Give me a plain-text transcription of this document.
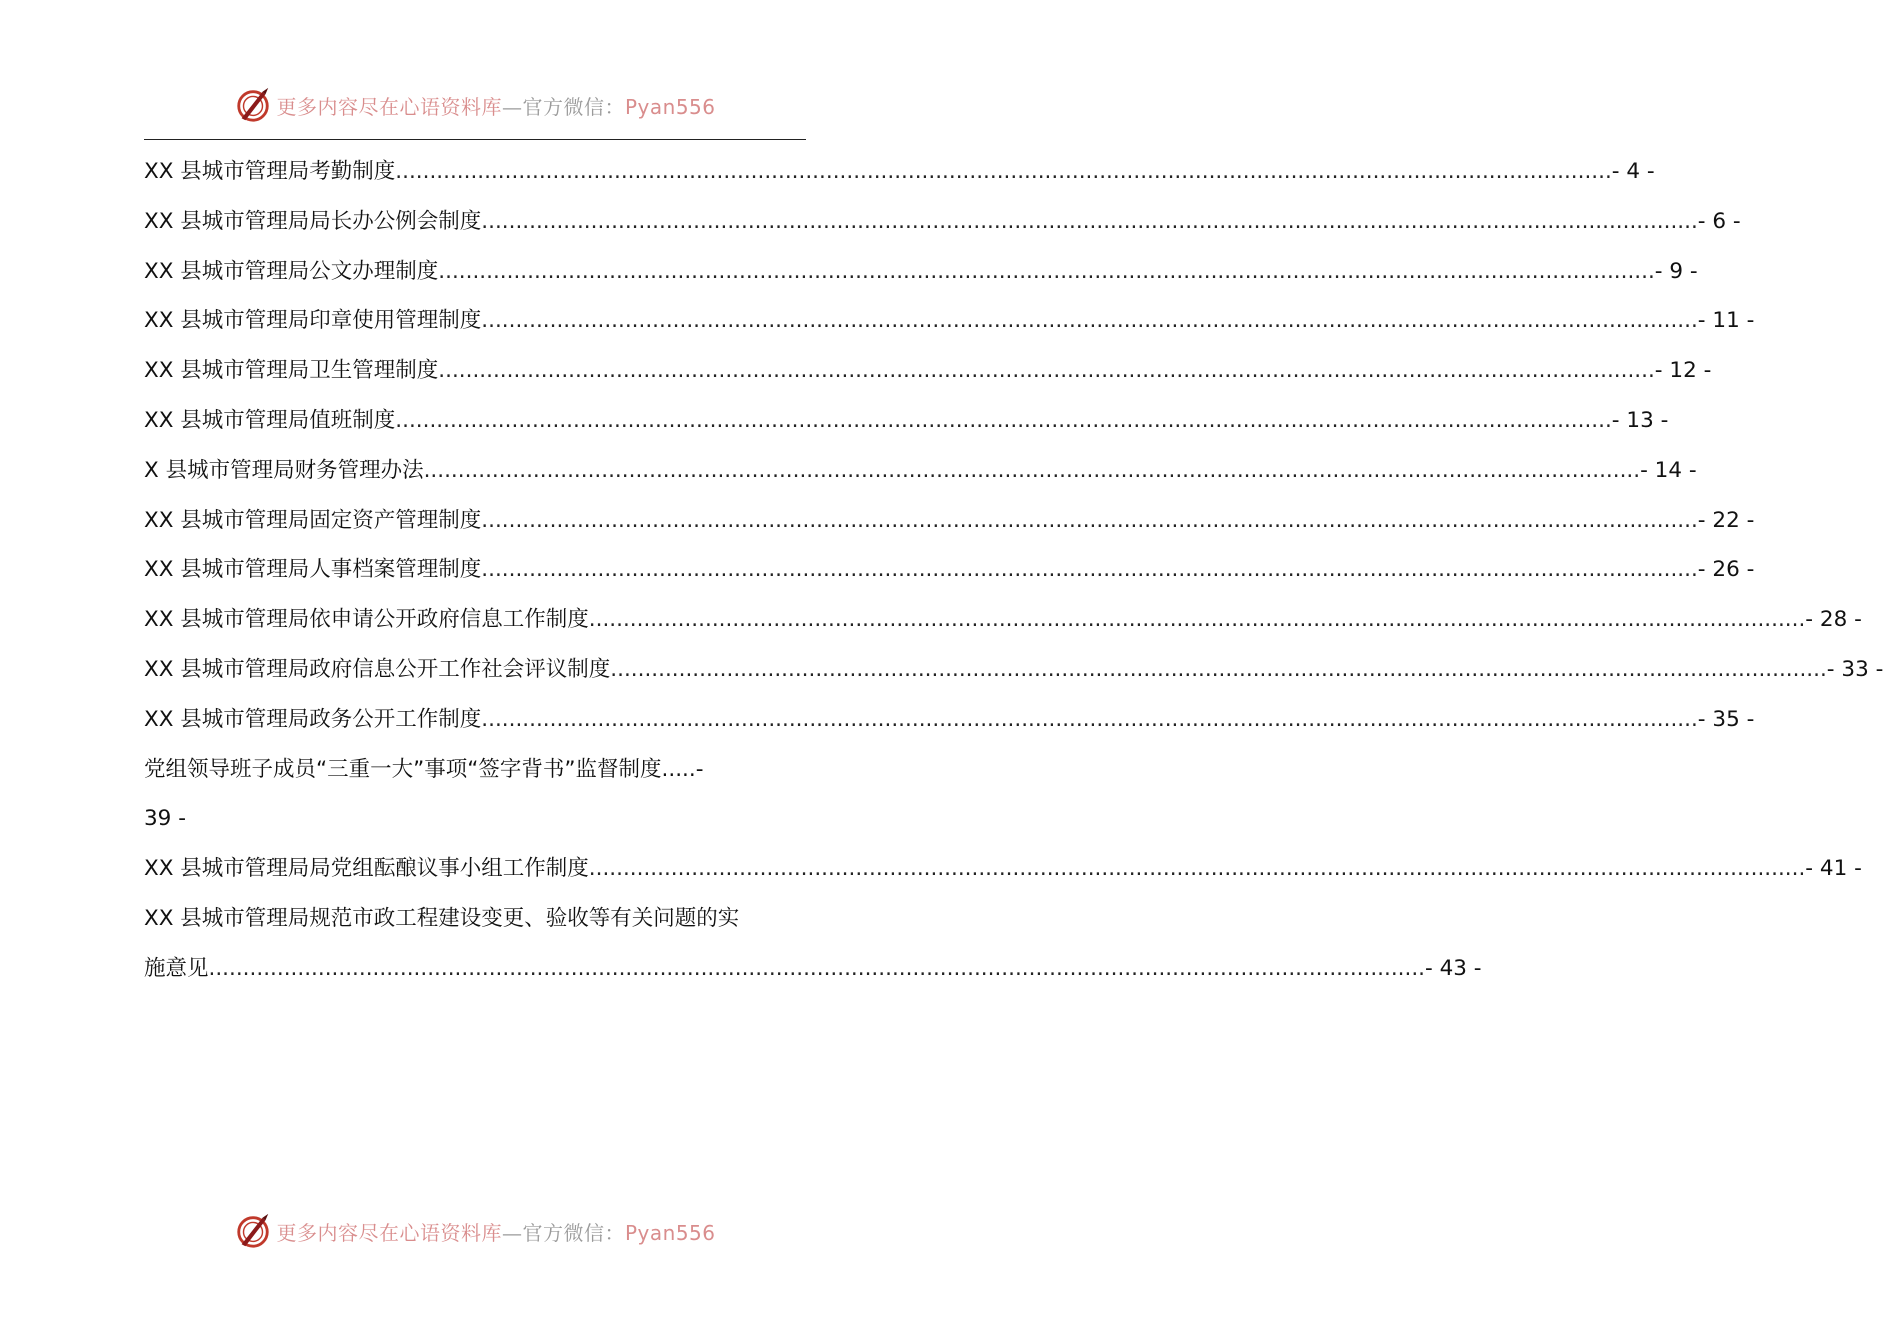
更多内容尽在心语资料库—官方微信：Pyan556
XX 县城市管理局考勤制度 .................................................................................................................................................................................. - 4 -
XX 县城市管理局局长办公例会制度 .................................................................................................................................................................................. - 6 -
XX 县城市管理局公文办理制度 .................................................................................................................................................................................. - 9 -
XX 县城市管理局印章使用管理制度 .................................................................................................................................................................................. - 11 -
XX 县城市管理局卫生管理制度 .................................................................................................................................................................................. - 12 -
XX 县城市管理局值班制度 .................................................................................................................................................................................. - 13 -
X 县城市管理局财务管理办法 .................................................................................................................................................................................. - 14 -
XX 县城市管理局固定资产管理制度 .................................................................................................................................................................................. - 22 -
XX 县城市管理局人事档案管理制度 .................................................................................................................................................................................. - 26 -
XX 县城市管理局依申请公开政府信息工作制度 .................................................................................................................................................................................. - 28 -
XX 县城市管理局政府信息公开工作社会评议制度 .................................................................................................................................................................................. - 33 -
XX 县城市管理局政务公开工作制度 .................................................................................................................................................................................. - 35 -
党组领导班子成员“三重一大”事项“签字背书”监督制度.....-
39 -
XX 县城市管理局局党组酝酿议事小组工作制度 .................................................................................................................................................................................. - 41 -
XX 县城市管理局规范市政工程建设变更、验收等有关问题的实
施意见 .................................................................................................................................................................................. - 43 -
更多内容尽在心语资料库—官方微信：Pyan556
